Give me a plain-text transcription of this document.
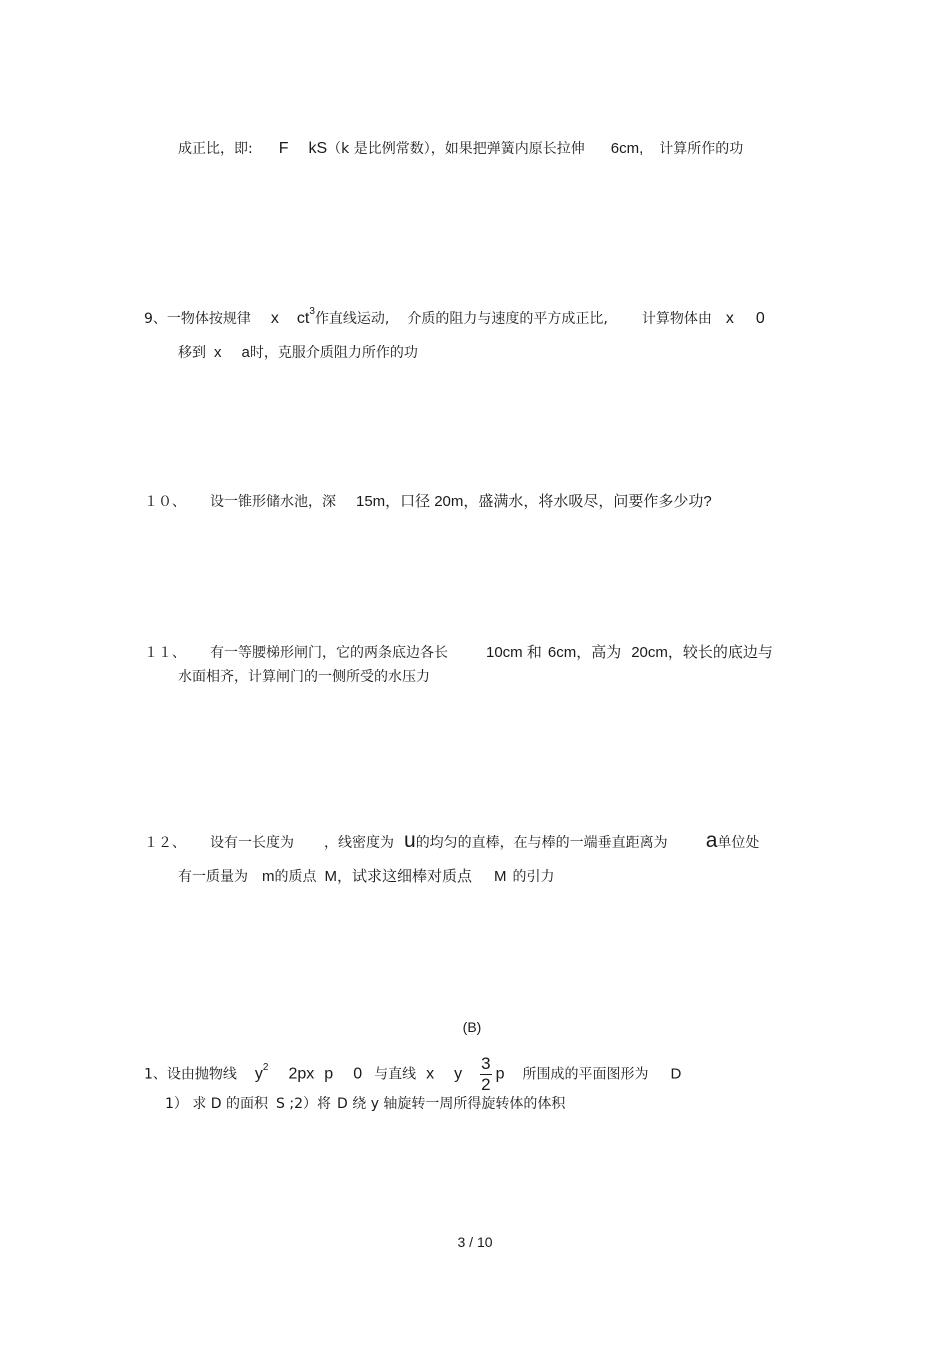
成正比，即: F kS（k 是比例常数），如果把弹簧内原长拉伸 6cm, 计算所作的功
9、一物体按规律 x $ct^3$作直线运动, 介质的阻力与速度的平方成正比, 计算物体由 x 0
移到 x a时，克服介质阻力所作的功
１０、 设一锥形储水池，深 15m，口径 20m，盛满水，将水吸尽，问要作多少功?
１１、 有一等腰梯形闸门，它的两条底边各长	10cm 和 6cm，高为 20cm，较长的底边与
水面相齐，计算闸门的一侧所受的水压力
１２、 设有一长度为 ，线密度为 u的均匀的直棒，在与棒的一端垂直距离为 a单位处
有一质量为 m的质点 M，试求这细棒对质点 M 的引力
(B)
1、设由抛物线 $y^2$ 2px p 0 与直线 x y $\frac{3}{2}$ p 所围成的平面图形为 D
1） 求 D 的面积 S ;2）将 D 绕 y 轴旋转一周所得旋转体的体积
3 / 10
